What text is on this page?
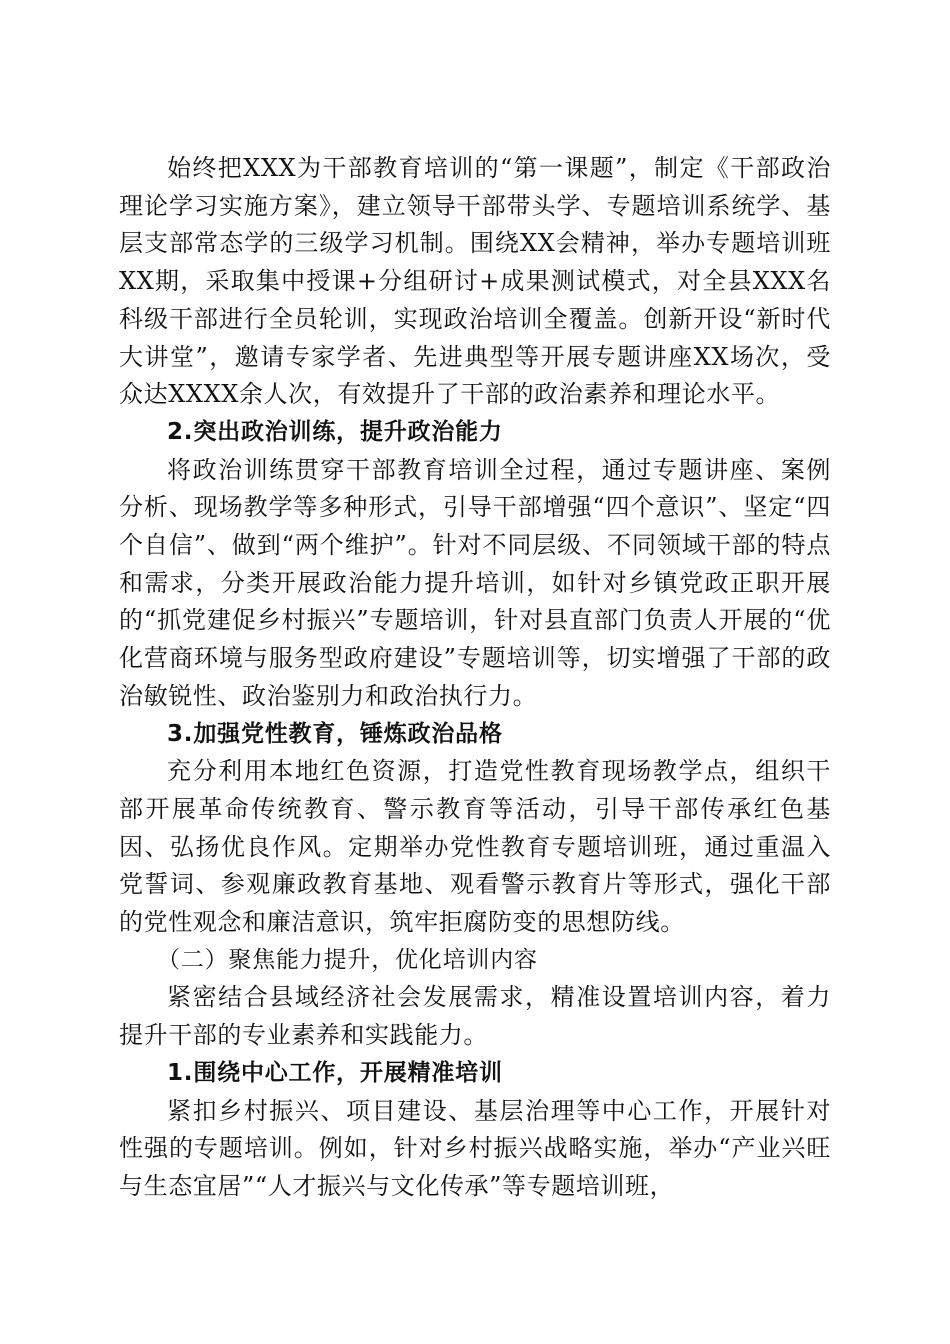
始终把XXX为干部教育培训的“第一课题”，制定《干部政治理论学习实施方案》，建立领导干部带头学、专题培训系统学、基层支部常态学的三级学习机制。围绕XX会精神，举办专题培训班XX期，采取集中授课+分组研讨+成果测试模式，对全县XXX名科级干部进行全员轮训，实现政治培训全覆盖。创新开设“新时代大讲堂”，邀请专家学者、先进典型等开展专题讲座XX场次，受众达XXXX余人次，有效提升了干部的政治素养和理论水平。

2.突出政治训练，提升政治能力

将政治训练贯穿干部教育培训全过程，通过专题讲座、案例分析、现场教学等多种形式，引导干部增强“四个意识”、坚定“四个自信”、做到“两个维护”。针对不同层级、不同领域干部的特点和需求，分类开展政治能力提升培训，如针对乡镇党政正职开展的“抓党建促乡村振兴”专题培训，针对县直部门负责人开展的“优化营商环境与服务型政府建设”专题培训等，切实增强了干部的政治敏锐性、政治鉴别力和政治执行力。

3.加强党性教育，锤炼政治品格

充分利用本地红色资源，打造党性教育现场教学点，组织干部开展革命传统教育、警示教育等活动，引导干部传承红色基因、弘扬优良作风。定期举办党性教育专题培训班，通过重温入党誓词、参观廉政教育基地、观看警示教育片等形式，强化干部的党性观念和廉洁意识，筑牢拒腐防变的思想防线。

（二）聚焦能力提升，优化培训内容

紧密结合县域经济社会发展需求，精准设置培训内容，着力提升干部的专业素养和实践能力。

1.围绕中心工作，开展精准培训

紧扣乡村振兴、项目建设、基层治理等中心工作，开展针对性强的专题培训。例如，针对乡村振兴战略实施，举办“产业兴旺与生态宜居”“人才振兴与文化传承”等专题培训班，
